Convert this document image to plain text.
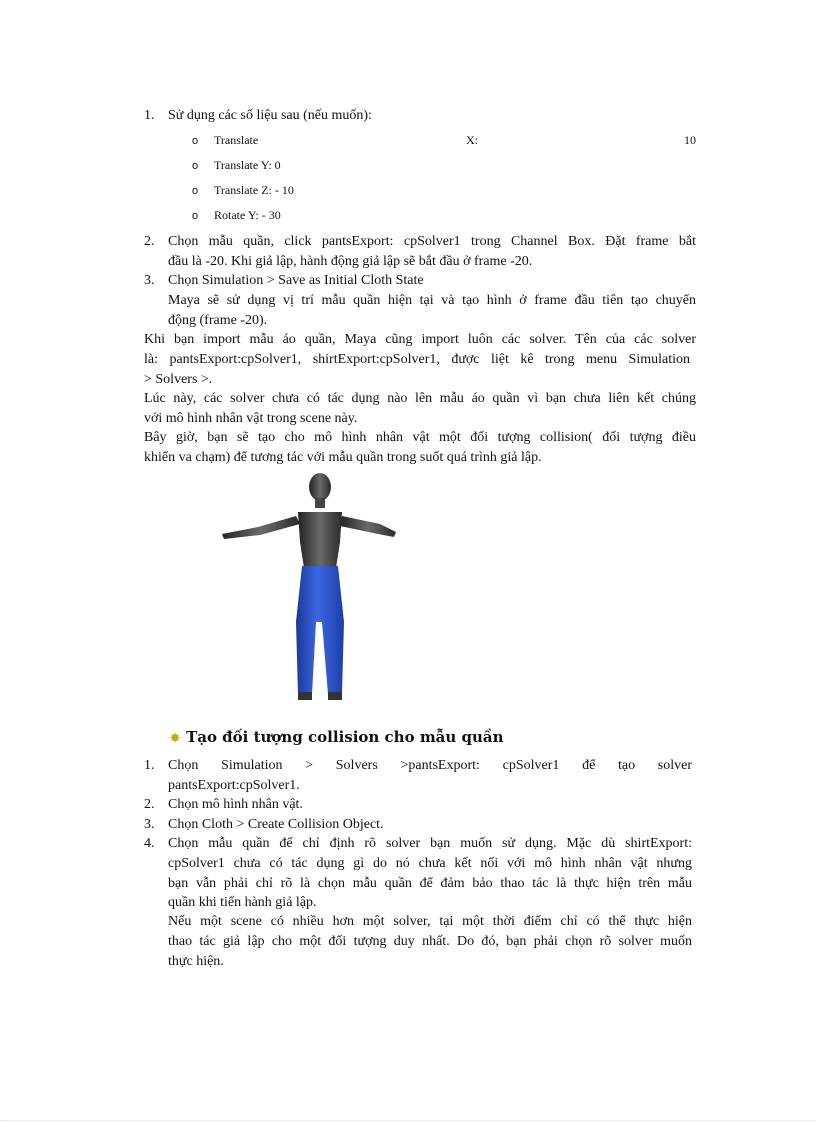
1. Sử dụng các số liệu sau (nếu muốn):
o Translate	X:	10
o Translate Y: 0
o Translate Z: - 10
o Rotate Y: - 30
2. Chọn mẫu quần, click pantsExport: cpSolver1 trong Channel Box. Đặt frame bắt
đầu là -20. Khi giả lập, hành động giả lập sẽ bắt đầu ở frame -20.
3. Chọn Simulation > Save as Initial Cloth State
Maya sẽ sử dụng vị trí mẫu quần hiện tại và tạo hình ở frame đầu tiên tạo chuyển
động (frame -20).
Khi bạn import mẫu áo quần, Maya cũng import luôn các solver. Tên của các solver
là: pantsExport:cpSolver1, shirtExport:cpSolver1, được liệt kê trong menu Simulation
> Solvers >.
Lúc này, các solver chưa có tác dụng nào lên mẫu áo quần vì bạn chưa liên kết chúng
với mô hình nhân vật trong scene này.
Bây giờ, bạn sẽ tạo cho mô hình nhân vật một đối tượng collision( đối tượng điều
khiển va chạm) để tương tác với mẫu quần trong suốt quá trình giả lập.
✸ Tạo đối tượng collision cho mẫu quần
1. Chọn Simulation > Solvers >pantsExport: cpSolver1 để tạo solver
pantsExport:cpSolver1.
2. Chọn mô hình nhân vật.
3. Chọn Cloth > Create Collision Object.
4. Chọn mẫu quần để chỉ định rõ solver bạn muốn sử dụng. Mặc dù shirtExport:
cpSolver1 chưa có tác dụng gì do nó chưa kết nối với mô hình nhân vật nhưng
bạn vẫn phải chỉ rõ là chọn mẫu quần để đảm bảo thao tác là thực hiện trên mẫu
quần khi tiến hành giả lập.
Nếu một scene có nhiều hơn một solver, tại một thời điểm chỉ có thể thực hiện
thao tác giả lập cho một đối tượng duy nhất. Do đó, bạn phải chọn rõ solver muốn
thực hiện.
